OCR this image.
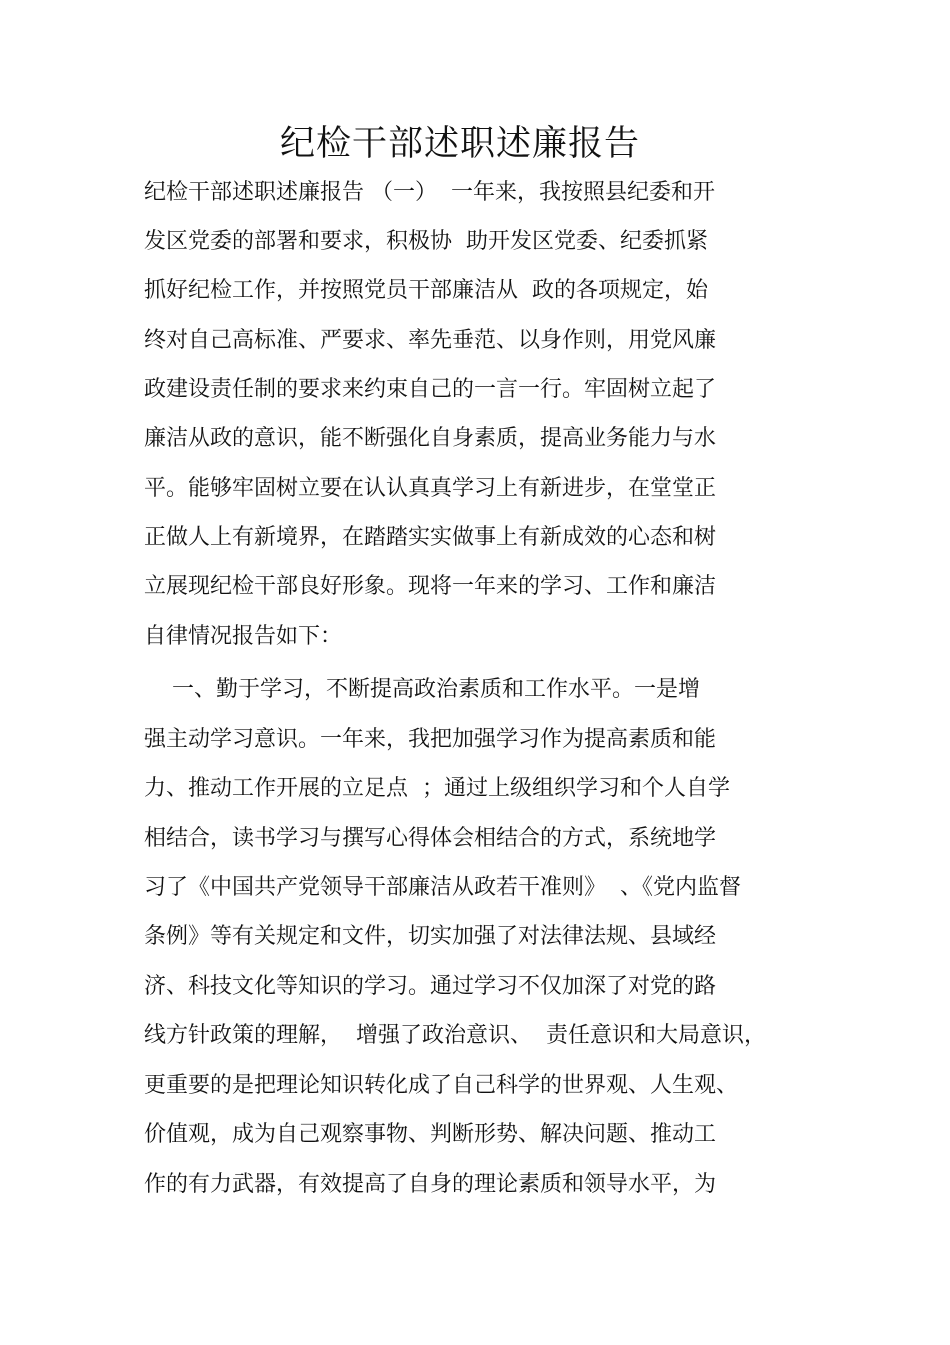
纪检干部述职述廉报告
纪检干部述职述廉报告 （一）  一年来，我按照县纪委和开
发区党委的部署和要求，积极协  助开发区党委、纪委抓紧
抓好纪检工作，并按照党员干部廉洁从  政的各项规定，始
终对自己高标准、严要求、率先垂范、以身作则，用党风廉
政建设责任制的要求来约束自己的一言一行。牢固树立起了
廉洁从政的意识，能不断强化自身素质，提高业务能力与水
平。能够牢固树立要在认认真真学习上有新进步，在堂堂正
正做人上有新境界，在踏踏实实做事上有新成效的心态和树
立展现纪检干部良好形象。现将一年来的学习、工作和廉洁
自律情况报告如下：
一、勤于学习，不断提高政治素质和工作水平。一是增
强主动学习意识。一年来，我把加强学习作为提高素质和能
力、推动工作开展的立足点  ；通过上级组织学习和个人自学
相结合，读书学习与撰写心得体会相结合的方式，系统地学
习了《中国共产党领导干部廉洁从政若干准则》  、《党内监督
条例》等有关规定和文件，切实加强了对法律法规、县域经
济、科技文化等知识的学习。通过学习不仅加深了对党的路
线方针政策的理解，  增强了政治意识、  责任意识和大局意识，
更重要的是把理论知识转化成了自己科学的世界观、人生观、
价值观，成为自己观察事物、判断形势、解决问题、推动工
作的有力武器，有效提高了自身的理论素质和领导水平，为
